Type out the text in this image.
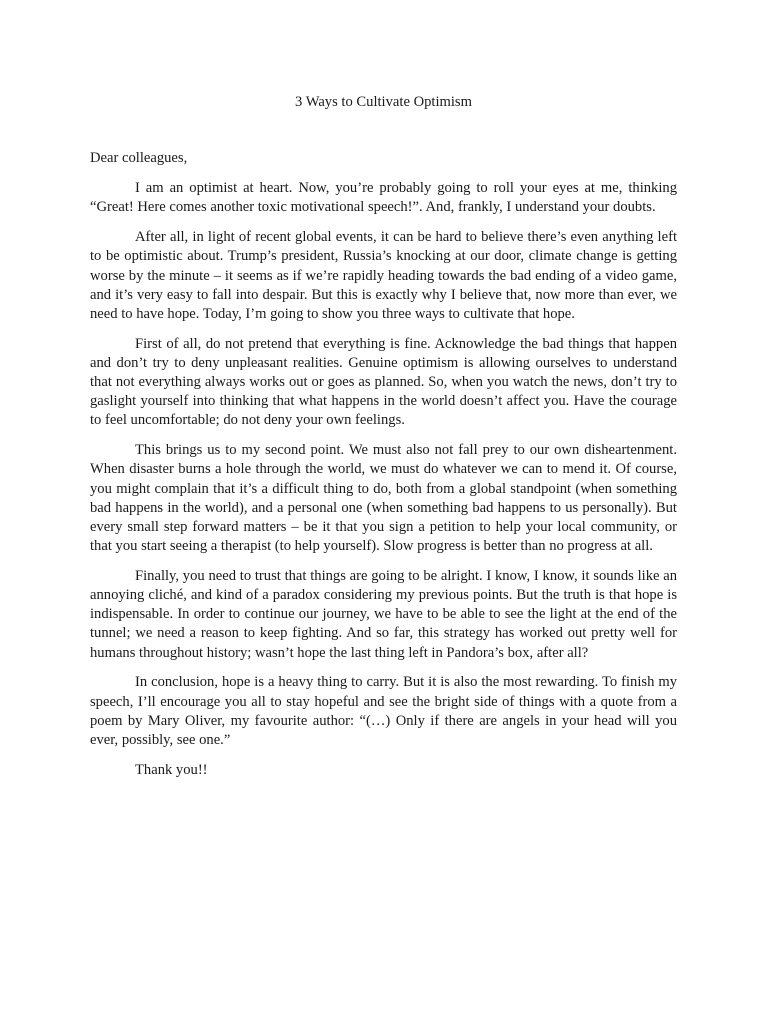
3 Ways to Cultivate Optimism

Dear colleagues,

I am an optimist at heart. Now, you’re probably going to roll your eyes at me, thinking “Great! Here comes another toxic motivational speech!”. And, frankly, I understand your doubts.

After all, in light of recent global events, it can be hard to believe there’s even anything left to be optimistic about. Trump’s president, Russia’s knocking at our door, climate change is getting worse by the minute – it seems as if we’re rapidly heading towards the bad ending of a video game, and it’s very easy to fall into despair. But this is exactly why I believe that, now more than ever, we need to have hope. Today, I’m going to show you three ways to cultivate that hope.

First of all, do not pretend that everything is fine. Acknowledge the bad things that happen and don’t try to deny unpleasant realities. Genuine optimism is allowing ourselves to understand that not everything always works out or goes as planned. So, when you watch the news, don’t try to gaslight yourself into thinking that what happens in the world doesn’t affect you. Have the courage to feel uncomfortable; do not deny your own feelings.

This brings us to my second point. We must also not fall prey to our own disheartenment. When disaster burns a hole through the world, we must do whatever we can to mend it. Of course, you might complain that it’s a difficult thing to do, both from a global standpoint (when something bad happens in the world), and a personal one (when something bad happens to us personally). But every small step forward matters – be it that you sign a petition to help your local community, or that you start seeing a therapist (to help yourself). Slow progress is better than no progress at all.

Finally, you need to trust that things are going to be alright. I know, I know, it sounds like an annoying cliché, and kind of a paradox considering my previous points. But the truth is that hope is indispensable. In order to continue our journey, we have to be able to see the light at the end of the tunnel; we need a reason to keep fighting. And so far, this strategy has worked out pretty well for humans throughout history; wasn’t hope the last thing left in Pandora’s box, after all?

In conclusion, hope is a heavy thing to carry. But it is also the most rewarding. To finish my speech, I’ll encourage you all to stay hopeful and see the bright side of things with a quote from a poem by Mary Oliver, my favourite author: “(…) Only if there are angels in your head will you ever, possibly, see one.”

Thank you!!
